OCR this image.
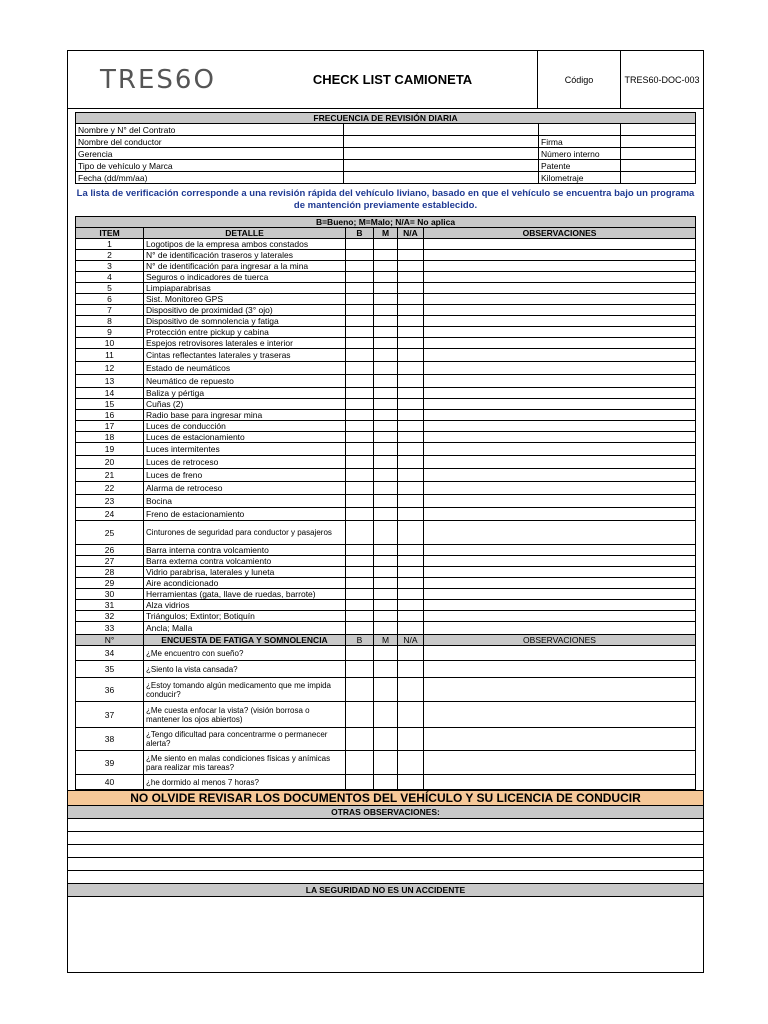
TRES6O	CHECK LIST CAMIONETA	Código	TRES60-DOC-003
FRECUENCIA DE REVISIÓN DIARIA			
Nombre y N° del Contrato			
Nombre del conductor		Firma	
Gerencia		Número interno	
Tipo de vehículo y Marca		Patente	
Fecha (dd/mm/aa)		Kilometraje	
La lista de verificación corresponde a una revisión rápida del vehículo liviano, basado en que el vehículo se encuentra bajo un programa de mantención previamente establecido.
B=Bueno; M=Malo; N/A= No aplica					
ITEM	DETALLE	B	M	N/A	OBSERVACIONES
1	Logotipos de la empresa ambos constados				
2	N° de identificación traseros y laterales				
3	N° de identificación para ingresar a la mina				
4	Seguros o indicadores de tuerca				
5	Limpiaparabrisas				
6	Sist. Monitoreo GPS				
7	Dispositivo de proximidad (3° ojo)				
8	Dispositivo de somnolencia y fatiga				
9	Protección entre pickup y cabina				
10	Espejos retrovisores laterales e interior				
11	Cintas reflectantes laterales y traseras				
12	Estado de neumáticos				
13	Neumático de repuesto				
14	Baliza y pértiga				
15	Cuñas (2)				
16	Radio base para ingresar mina				
17	Luces de conducción				
18	Luces de estacionamiento				
19	Luces intermitentes				
20	Luces de retroceso				
21	Luces de freno				
22	Alarma de retroceso				
23	Bocina				
24	Freno de estacionamiento				
25	Cinturones de seguridad para conductor y pasajeros				
26	Barra interna contra volcamiento				
27	Barra externa contra volcamiento				
28	Vidrio parabrisa, laterales y luneta				
29	Aire acondicionado				
30	Herramientas (gata, llave de ruedas, barrote)				
31	Alza vidrios				
32	Triángulos; Extintor; Botiquín				
33	Ancla; Malla				
N°	ENCUESTA DE FATIGA Y SOMNOLENCIA	B	M	N/A	OBSERVACIONES
34	¿Me encuentro con sueño?				
35	¿Siento la vista cansada?				
36	¿Estoy tomando algún medicamento que me impida conducir?				
37	¿Me cuesta enfocar la vista? (visión borrosa o mantener los ojos abiertos)				
38	¿Tengo dificultad para concentrarme o permanecer alerta?				
39	¿Me siento en malas condiciones físicas y anímicas para realizar mis tareas?				
40	¿he dormido al menos 7 horas?				
NO OLVIDE REVISAR LOS DOCUMENTOS DEL VEHÍCULO Y SU LICENCIA DE CONDUCIR
OTRAS OBSERVACIONES:
LA SEGURIDAD NO ES UN ACCIDENTE
